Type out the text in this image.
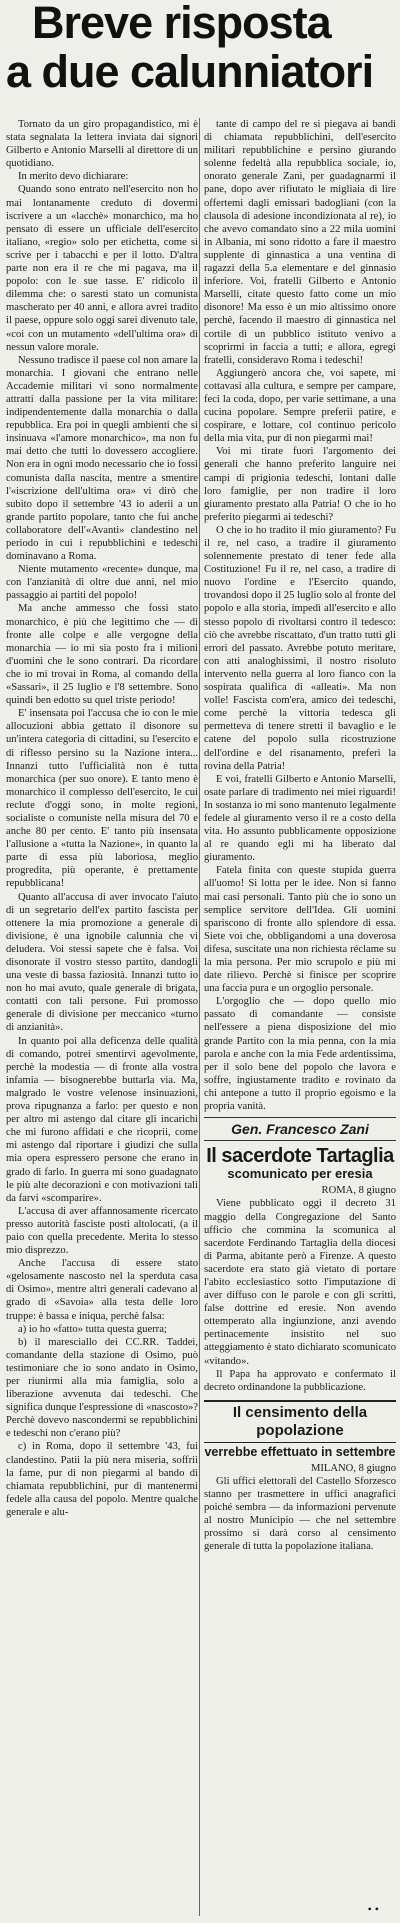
Breve risposta
a due calunniatori

Tornato da un giro propagandistico, mi è stata segnalata la lettera inviata dai signori Gilberto e Antonio Marselli al direttore di un quotidiano.

In merito devo dichiarare:

Quando sono entrato nell'esercito non ho mai lontanamente creduto di dovermi iscrivere a un «lacchè» monarchico, ma ho pensato di essere un ufficiale dell'esercito italiano, «regio» solo per etichetta, come si scrive per i tabacchi e per il lotto. D'altra parte non era il re che mi pagava, ma il popolo: con le sue tasse. E' ridicolo il dilemma che: o saresti stato un comunista mascherato per 40 anni, e allora avrei tradito il paese, oppure solo oggi sarei divenuto tale, «coi con un mutamento «dell'ultima ora» di nessun valore morale.

Nessuno tradisce il paese col non amare la monarchia. I giovani che entrano nelle Accademie militari vi sono normalmente attratti dalla passione per la vita militare: indipendentemente dalla monarchia o dalla repubblica. Era poi in quegli ambienti che si insinuava «l'amore monarchico», ma non fu mai detto che tutti lo dovessero accogliere. Non era in ogni modo necessario che io fossi comunista dalla nascita, mentre a smentire l'«iscrizione dell'ultima ora» vi dirò che subito dopo il settembre '43 io aderii a un grande partito popolare, tanto che fui anche collaboratore dell'«Avanti» clandestino nel periodo in cui i repubblichini e tedeschi dominavano a Roma.

Niente mutamento «recente» dunque, ma con l'anzianità di oltre due anni, nel mio passaggio ai partiti del popolo!

Ma anche ammesso che fossi stato monarchico, è più che legittimo che — di fronte alle colpe e alle vergogne della monarchia — io mi sia posto fra i milioni d'uomini che le sono contrari. Da ricordare che io mi trovai in Roma, al comando della «Sassari», il 25 luglio e l'8 settembre. Sono quindi ben edotto su quel triste periodo!

E' insensata poi l'accusa che io con le mie allocuzioni abbia gettato il disonore su un'intera categoria di cittadini, su l'esercito e di riflesso persino su la Nazione intera... Innanzi tutto l'ufficialità non è tutta monarchica (per suo onore). E tanto meno è monarchico il complesso dell'esercito, le cui reclute d'oggi sono, in molte regioni, socialiste o comuniste nella misura del 70 e anche 80 per cento. E' tanto più insensata l'allusione a «tutta la Nazione», in quanto la parte di essa più laboriosa, meglio progredita, più operante, è prettamente repubblicana!

Quanto all'accusa di aver invocato l'aiuto di un segretario dell'ex partito fascista per ottenere la mia promozione a generale di divisione, è una ignobile calunnia che vi deludera. Voi stessi sapete che è falsa. Voi disonorate il vostro stesso partito, dandogli una veste di bassa faziosità. Innanzi tutto io non ho mai avuto, quale generale di brigata, contatti con tali persone. Fui promosso generale di divisione per meccanico «turno di anzianità».

In quanto poi alla deficenza delle qualità di comando, potrei smentirvi agevolmente, perchè la modestia — di fronte alla vostra infamia — bisognerebbe buttarla via. Ma, malgrado le vostre velenose insinuazioni, prova ripugnanza a farlo: per questo e non per altro mi astengo dal citare gli incarichi che mi furono affidati e che ricoprii, come mi astengo dal riportare i giudizi che sulla mia opera espressero persone che erano in grado di farlo. In guerra mi sono guadagnato le più alte decorazioni e con motivazioni tali da farvi «scomparire».

L'accusa di aver affannosamente ricercato presso autorità fasciste posti altolocati, (a il paio con quella precedente. Merita lo stesso mio disprezzo.

Anche l'accusa di essere stato «gelosamente nascosto nel la sperduta casa di Osimo», mentre altri generali cadevano al grado di «Savoia» alla testa delle loro truppe: è bassa e iniqua, perchè falsa:

a) io ho «fatto» tutta questa guerra;

b) il maresciallo dei CC.RR. Taddei, comandante della stazione di Osimo, può testimoniare che io sono andato in Osimo, per riunirmi alla mia famiglia, solo a liberazione avvenuta dai tedeschi. Che significa dunque l'espressione di «nascosto»? Perchè dovevo nascondermi se repubblichini e tedeschi non c'erano più?

c) in Roma, dopo il settembre '43, fui clandestino. Patii la più nera miseria, soffrii la fame, pur di non piegarmi al bando di chiamata repubblichini, pur di mantenermi fedele alla causa del popolo. Mentre qualche generale e alu-

tante di campo del re si piegava ai bandi di chiamata repubblichini, dell'esercito militari repubblichine e persino giurando solenne fedeltà alla repubblica sociale, io, onorato generale Zani, per guadagnarmi il pane, dopo aver rifiutato le migliaia di lire offertemi dagli emissari badogliani (con la clausola di adesione incondizionata al re), io che avevo comandato sino a 22 mila uomini in Albania, mi sono ridotto a fare il maestro supplente di ginnastica a una ventina di ragazzi della 5.a elementare e del ginnasio inferiore. Voi, fratelli Gilberto e Antonio Marselli, citate questo fatto come un mio disonore! Ma esso è un mio altissimo onore perchè, facendo il maestro di ginnastica nel cortile di un pubblico istituto venivo a scoprirmi in faccia a tutti; e allora, egregi fratelli, consideravo Roma i tedeschi!

Aggiungerò ancora che, voi sapete, mi cottavasi alla cultura, e sempre per campare, feci la coda, dopo, per varie settimane, a una cucina popolare. Sempre preferii patire, e cospirare, e lottare, col continuo pericolo della mia vita, pur di non piegarmi mai!

Voi mi tirate fuori l'argomento dei generali che hanno preferito languire nei campi di prigionia tedeschi, lontani dalle loro famiglie, per non tradire il loro giuramento prestato alla Patria! O che io ho preferito piegarmi ai tedeschi?

O che io ho tradito il mio giuramento? Fu il re, nel caso, a tradire il giuramento solennemente prestato di tener fede alla Costituzione! Fu il re, nel caso, a tradire di nuovo l'ordine e l'Esercito quando, trovandosi dopo il 25 luglio solo al fronte del popolo e alla storia, impedì all'esercito e allo stesso popolo di rivoltarsi contro il tedesco: ciò che avrebbe riscattato, d'un tratto tutti gli errori del passato. Avrebbe potuto meritare, con atti analoghissimi, il nostro risoluto intervento nella guerra al loro fianco con la sospirata qualifica di «alleati». Ma non volle! Fascista com'era, amico dei tedeschi, come perchè la vittoria tedesca gli permetteva di tenere stretti il bavaglio e le catene del popolo sulla ricostruzione dell'ordine e del risanamento, preferì la rovina della Patria!

E voi, fratelli Gilberto e Antonio Marselli, osate parlare di tradimento nei miei riguardi! In sostanza io mi sono mantenuto legalmente fedele al giuramento verso il re a costo della vita. Ho assunto pubblicamente opposizione al re quando egli mi ha liberato dal giuramento.

Fatela finita con queste stupida guerra all'uomo! Si lotta per le idee. Non si fanno mai casi personali. Tanto più che io sono un semplice servitore dell'Idea. Gli uomini spariscono di fronte allo splendore di essa. Siete voi che, obbligandomi a una doverosa difesa, suscitate una non richiesta réclame su la mia persona. Per mio scrupolo e più mi date rilievo. Perchè si finisce per scoprire una faccia pura e un orgoglio personale.

L'orgoglio che — dopo quello mio passato di comandante — consiste nell'essere a piena disposizione del mio grande Partito con la mia penna, con la mia parola e anche con la mia Fede ardentissima, per il solo bene del popolo che lavora e soffre, ingiustamente tradito e rovinato da chi antepone a tutto il proprio egoismo e la propria vanità.

Gen. Francesco Zani
Il sacerdote Tartaglia
scomunicato per eresia
ROMA, 8 giugno

Viene pubblicato oggi il decreto 31 maggio della Congregazione del Santo ufficio che commina la scomunica al sacerdote Ferdinando Tartaglia della diocesi di Parma, abitante però a Firenze. A questo sacerdote era stato già vietato di portare l'abito ecclesiastico sotto l'imputazione di aver diffuso con le parole e con gli scritti, false dottrine ed eresie. Non avendo ottemperato alla ingiunzione, anzi avendo pertinacemente insistito nel suo atteggiamento è stato dichiarato scomunicato «vitando».

Il Papa ha approvato e confermato il decreto ordinandone la pubblicazione.

Il censimento della popolazione
verrebbe effettuato in settembre
MILANO, 8 giugno

Gli uffici elettorali del Castello Sforzesco stanno per trasmettere in uffici anagrafici poiché sembra — da informazioni pervenute al nostro Municipio — che nel settembre prossimo si darà corso al censimento generale di tutta la popolazione italiana.

••
